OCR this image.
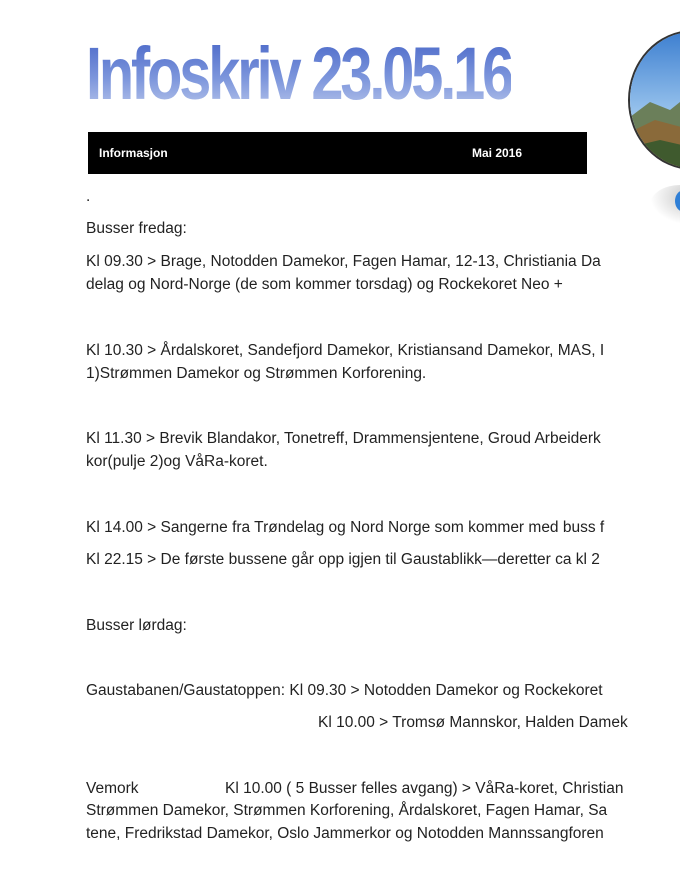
Infoskriv 23.05.16
Informasjon	Mai 2016
.
Busser fredag:
Kl 09.30 > Brage, Notodden Damekor, Fagen Hamar, 12-13, Christiania Da
delag og Nord-Norge (de som kommer torsdag) og Rockekoret Neo +
Kl 10.30 > Årdalskoret, Sandefjord Damekor, Kristiansand Damekor, MAS, I
1)Strømmen Damekor og Strømmen Korforening.
Kl 11.30 > Brevik Blandakor, Tonetreff, Drammensjentene, Groud Arbeiderk
kor(pulje 2)og VåRa-koret.
Kl 14.00 > Sangerne fra Trøndelag og Nord Norge som kommer med buss f
Kl 22.15 > De første bussene går opp igjen til Gaustablikk—deretter ca kl 2
Busser lørdag:
Gaustabanen/Gaustatoppen: Kl 09.30 > Notodden Damekor og Rockekoret
Kl 10.00 > Tromsø Mannskor, Halden Damek
Vemork	Kl 10.00 ( 5 Busser felles avgang) > VåRa-koret, Christian
Strømmen Damekor, Strømmen Korforening, Årdalskoret, Fagen Hamar, Sa
tene, Fredrikstad Damekor, Oslo Jammerkor og Notodden Mannssangforen
